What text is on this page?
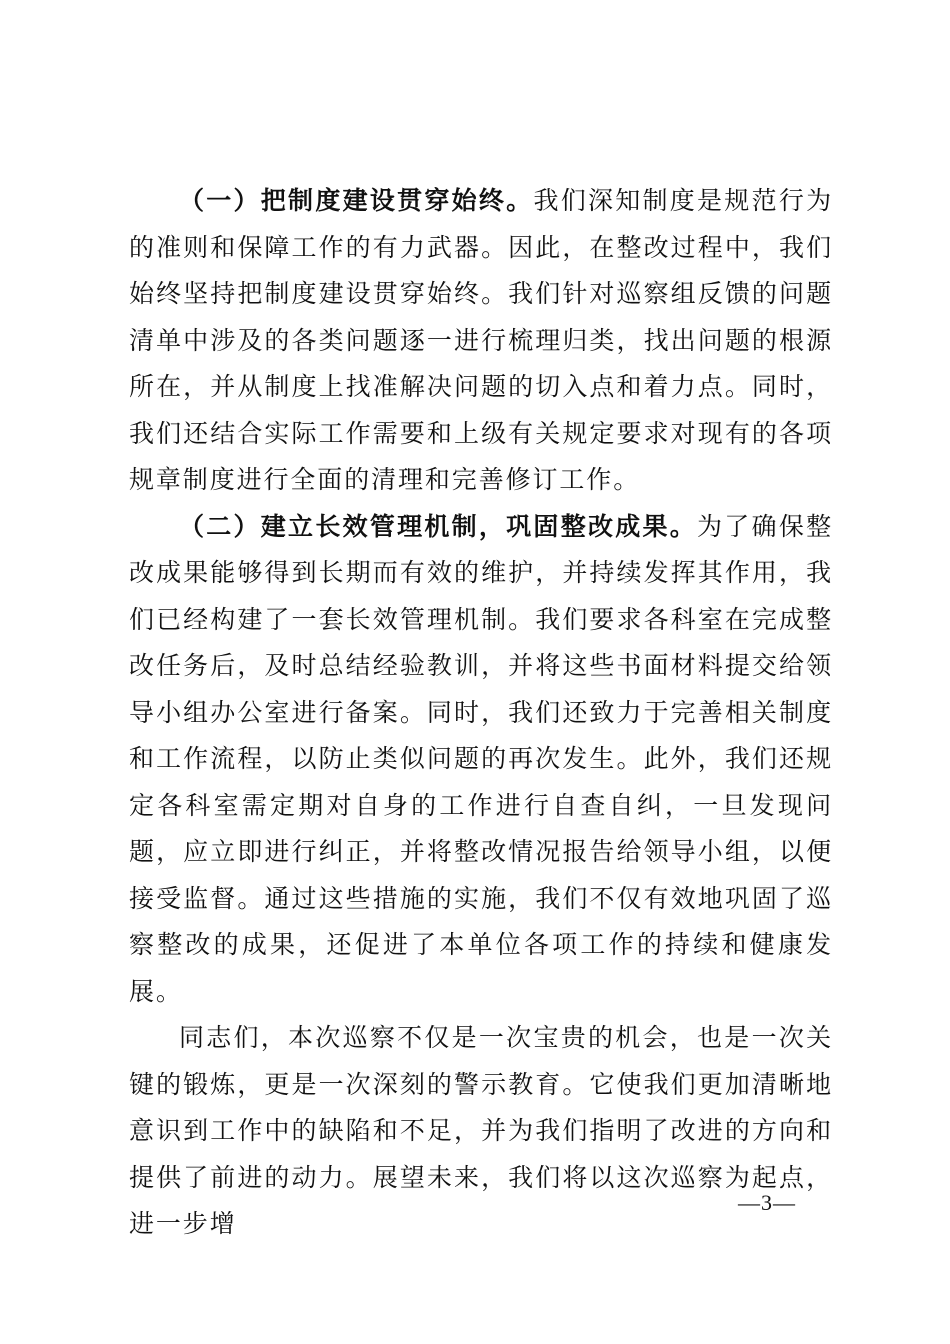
（一）把制度建设贯穿始终。我们深知制度是规范行为的准则和保障工作的有力武器。因此，在整改过程中，我们始终坚持把制度建设贯穿始终。我们针对巡察组反馈的问题清单中涉及的各类问题逐一进行梳理归类，找出问题的根源所在，并从制度上找准解决问题的切入点和着力点。同时，我们还结合实际工作需要和上级有关规定要求对现有的各项规章制度进行全面的清理和完善修订工作。

（二）建立长效管理机制，巩固整改成果。为了确保整改成果能够得到长期而有效的维护，并持续发挥其作用，我们已经构建了一套长效管理机制。我们要求各科室在完成整改任务后，及时总结经验教训，并将这些书面材料提交给领导小组办公室进行备案。同时，我们还致力于完善相关制度和工作流程，以防止类似问题的再次发生。此外，我们还规定各科室需定期对自身的工作进行自查自纠，一旦发现问题，应立即进行纠正，并将整改情况报告给领导小组，以便接受监督。通过这些措施的实施，我们不仅有效地巩固了巡察整改的成果，还促进了本单位各项工作的持续和健康发展。

同志们，本次巡察不仅是一次宝贵的机会，也是一次关键的锻炼，更是一次深刻的警示教育。它使我们更加清晰地意识到工作中的缺陷和不足，并为我们指明了改进的方向和提供了前进的动力。展望未来，我们将以这次巡察为起点，进一步增

—3—
